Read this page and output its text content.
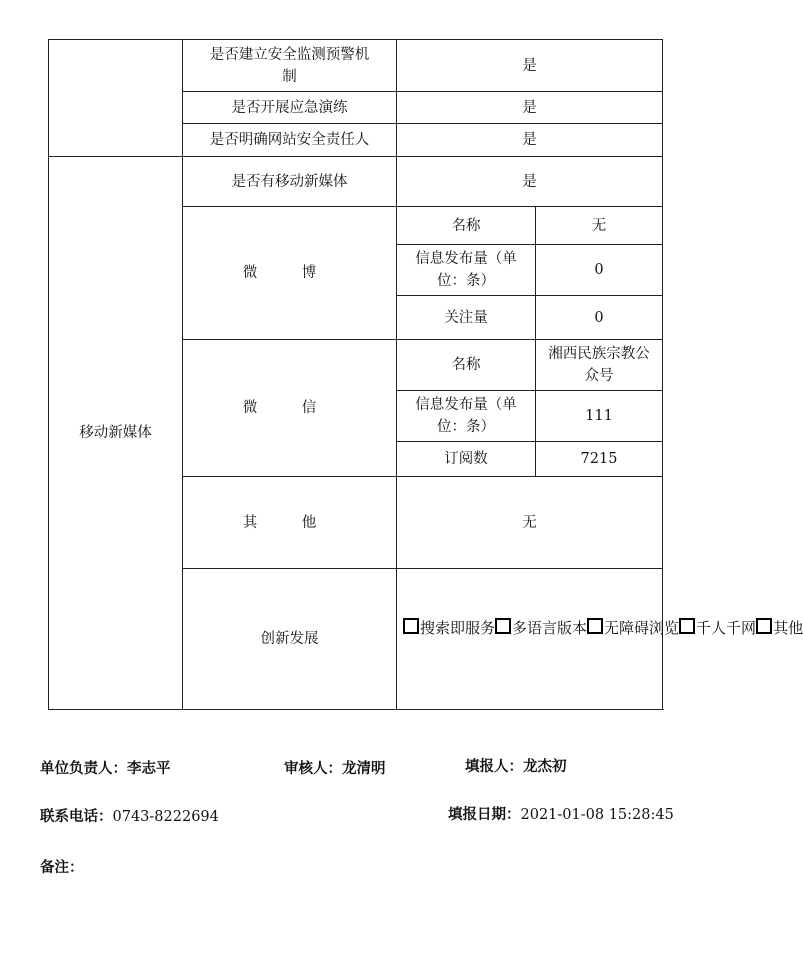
	是否建立安全监测预警机制	是	
	是否开展应急演练	是	
	是否明确网站安全责任人	是	
移动新媒体	是否有移动新媒体	是	
	微 博	名称	无
		信息发布量（单位：条）	0
		关注量	0
	微 信	名称	湘西民族宗教公众号
		信息发布量（单位：条）	111
		订阅数	7215
	其 他	无	
	创新发展	搜索即服务 多语言版本 无障碍浏览 千人千网 其他	
单位负责人：李志平	审核人：龙清明	填报人：龙杰初
联系电话：0743-8222694	填报日期：2021-01-08 15:28:45
备注：
